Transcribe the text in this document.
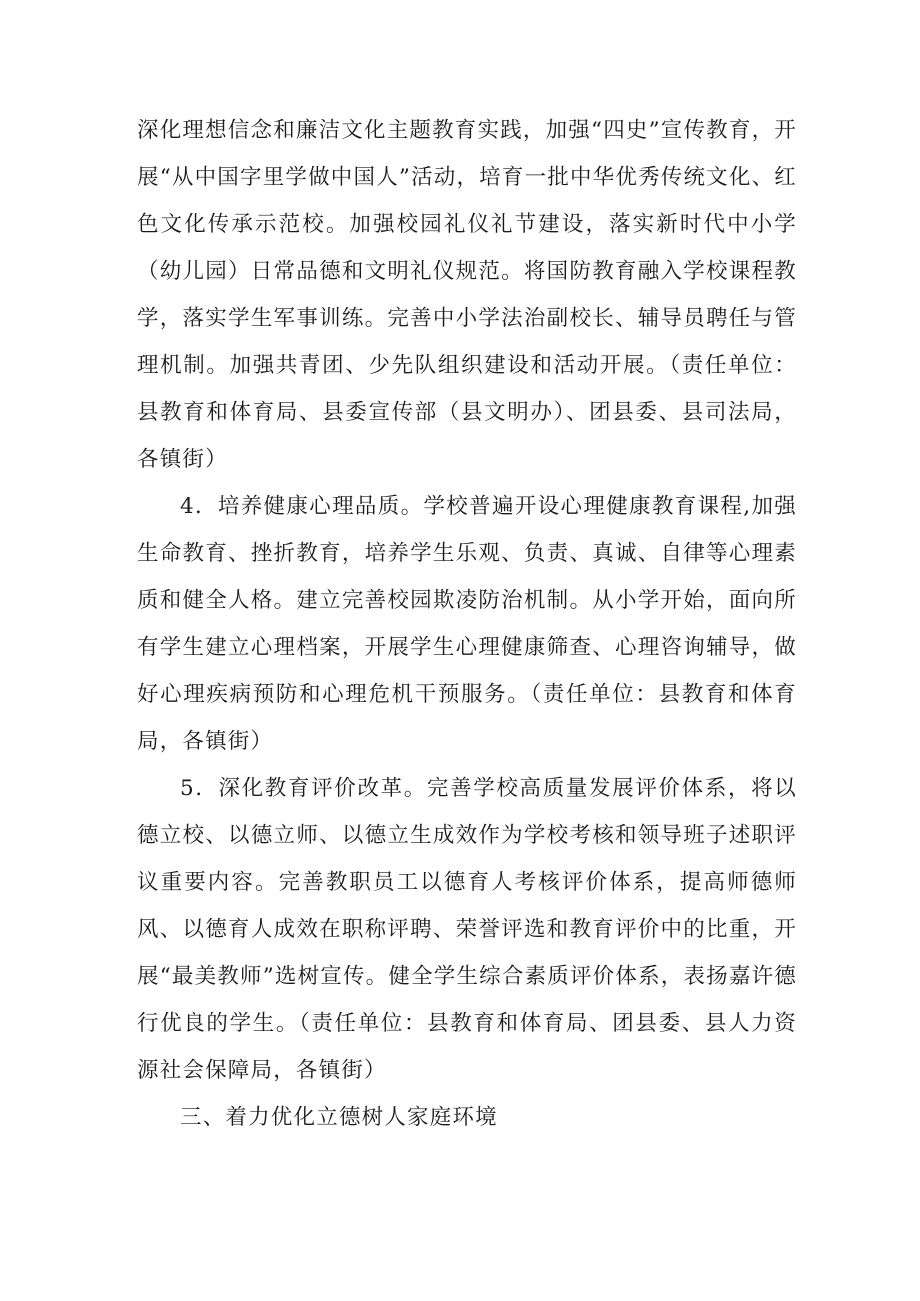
深化理想信念和廉洁文化主题教育实践，加强“四史”宣传教育，开展“从中国字里学做中国人”活动，培育一批中华优秀传统文化、红色文化传承示范校。加强校园礼仪礼节建设，落实新时代中小学（幼儿园）日常品德和文明礼仪规范。将国防教育融入学校课程教学，落实学生军事训练。完善中小学法治副校长、辅导员聘任与管理机制。加强共青团、少先队组织建设和活动开展。（责任单位：县教育和体育局、县委宣传部（县文明办）、团县委、县司法局，各镇街）

4．培养健康心理品质。学校普遍开设心理健康教育课程,加强生命教育、挫折教育，培养学生乐观、负责、真诚、自律等心理素质和健全人格。建立完善校园欺凌防治机制。从小学开始，面向所有学生建立心理档案，开展学生心理健康筛查、心理咨询辅导，做好心理疾病预防和心理危机干预服务。（责任单位：县教育和体育局，各镇街）

5．深化教育评价改革。完善学校高质量发展评价体系，将以德立校、以德立师、以德立生成效作为学校考核和领导班子述职评议重要内容。完善教职员工以德育人考核评价体系，提高师德师风、以德育人成效在职称评聘、荣誉评选和教育评价中的比重，开展“最美教师”选树宣传。健全学生综合素质评价体系，表扬嘉许德行优良的学生。（责任单位：县教育和体育局、团县委、县人力资源社会保障局，各镇街）

三、着力优化立德树人家庭环境
